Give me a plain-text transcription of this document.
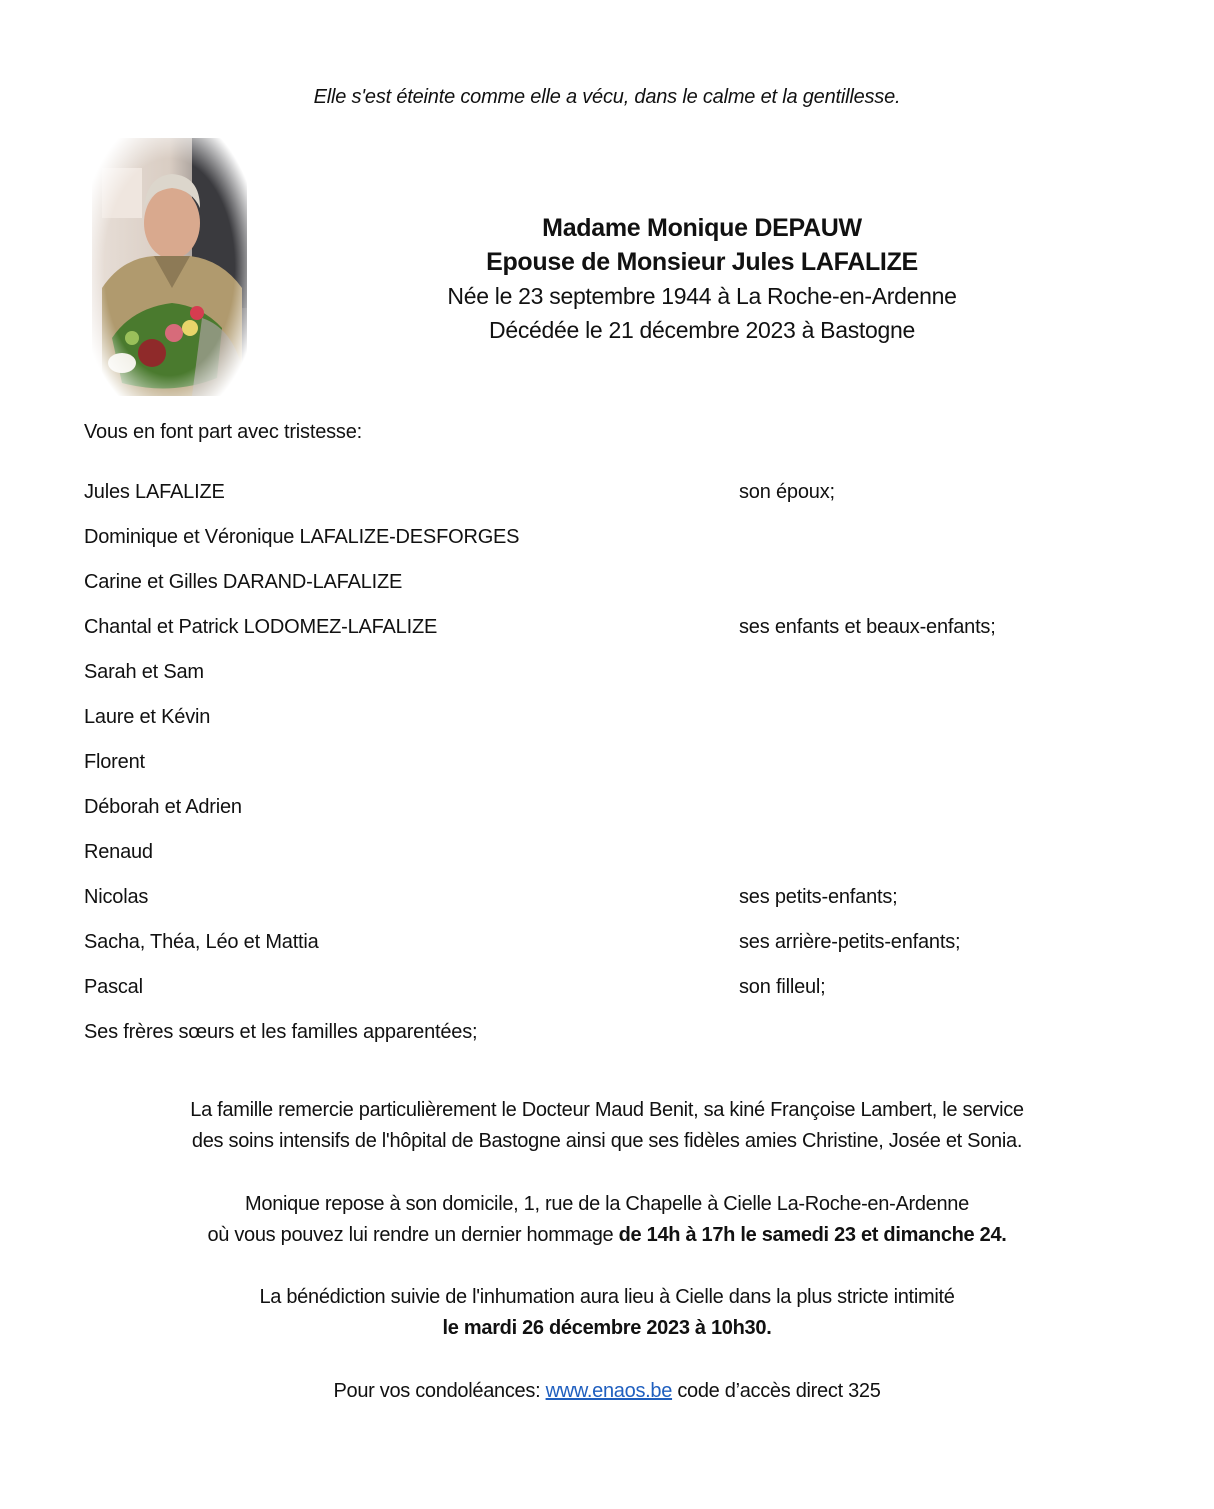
Elle s'est éteinte comme elle a vécu, dans le calme et la gentillesse.
Madame Monique DEPAUW
Epouse de Monsieur Jules LAFALIZE
Née le 23 septembre 1944 à La Roche-en-Ardenne
Décédée le 21 décembre 2023 à Bastogne
Vous en font part avec tristesse:
Jules LAFALIZE	son époux;
Dominique et Véronique LAFALIZE-DESFORGES
Carine et Gilles DARAND-LAFALIZE
Chantal et Patrick LODOMEZ-LAFALIZE	ses enfants et beaux-enfants;
Sarah et Sam
Laure et Kévin
Florent
Déborah et Adrien
Renaud
Nicolas	ses petits-enfants;
Sacha, Théa, Léo et Mattia	ses arrière-petits-enfants;
Pascal	son filleul;
Ses frères sœurs et les familles apparentées;
La famille remercie particulièrement le Docteur Maud Benit, sa kiné Françoise Lambert, le service
des soins intensifs de l'hôpital de Bastogne ainsi que ses fidèles amies Christine, Josée et Sonia.
Monique repose à son domicile, 1, rue de la Chapelle à Cielle La-Roche-en-Ardenne
où vous pouvez lui rendre un dernier hommage de 14h à 17h le samedi 23 et dimanche 24.
La bénédiction suivie de l'inhumation aura lieu à Cielle dans la plus stricte intimité
le mardi 26 décembre 2023 à 10h30.
Pour vos condoléances: www.enaos.be code d’accès direct 325
